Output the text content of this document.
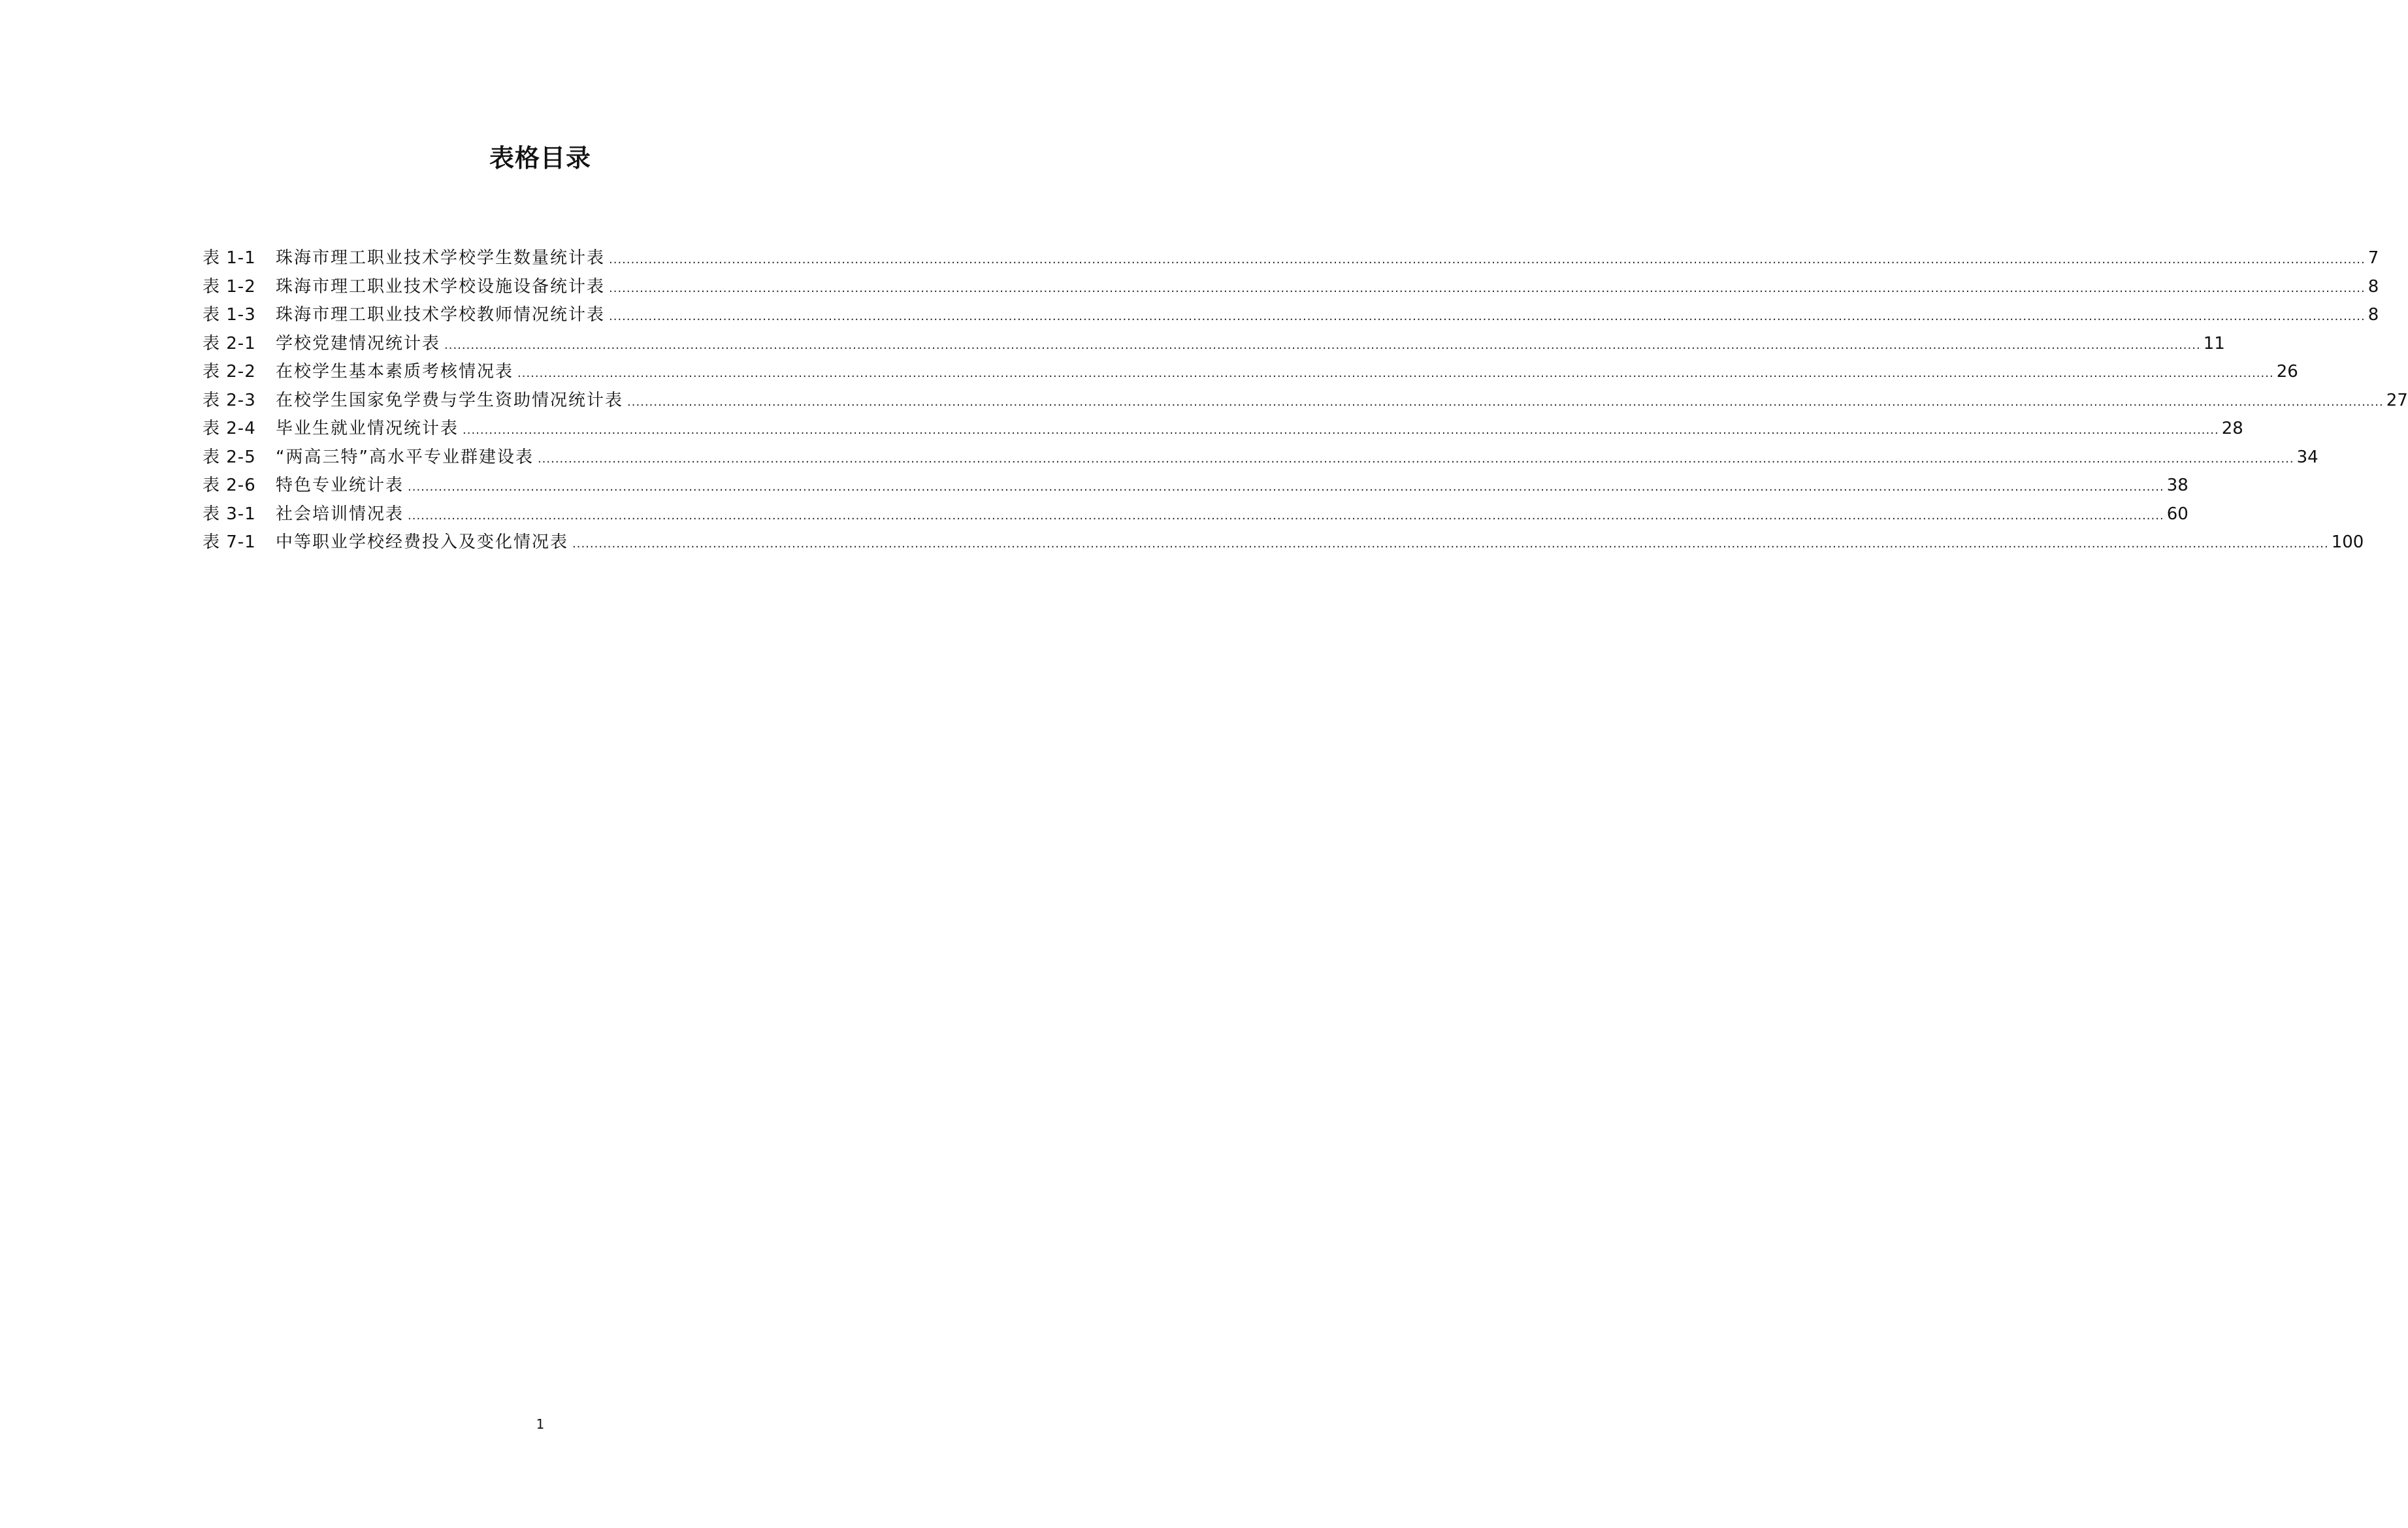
表格目录
表 1-1	珠海市理工职业技术学校学生数量统计表 ................................................................................................................................................................................................................................................................................................................................................................................................................ 7
表 1-2	珠海市理工职业技术学校设施设备统计表 ................................................................................................................................................................................................................................................................................................................................................................................................................ 8
表 1-3	珠海市理工职业技术学校教师情况统计表 ................................................................................................................................................................................................................................................................................................................................................................................................................ 8
表 2-1	学校党建情况统计表 ................................................................................................................................................................................................................................................................................................................................................................................................................ 11
表 2-2	在校学生基本素质考核情况表 ................................................................................................................................................................................................................................................................................................................................................................................................................ 26
表 2-3	在校学生国家免学费与学生资助情况统计表 ................................................................................................................................................................................................................................................................................................................................................................................................................ 27
表 2-4	毕业生就业情况统计表 ................................................................................................................................................................................................................................................................................................................................................................................................................ 28
表 2-5	“两高三特”高水平专业群建设表 ................................................................................................................................................................................................................................................................................................................................................................................................................ 34
表 2-6	特色专业统计表 ................................................................................................................................................................................................................................................................................................................................................................................................................ 38
表 3-1	社会培训情况表 ................................................................................................................................................................................................................................................................................................................................................................................................................ 60
表 7-1	中等职业学校经费投入及变化情况表 ................................................................................................................................................................................................................................................................................................................................................................................................................ 100
1
